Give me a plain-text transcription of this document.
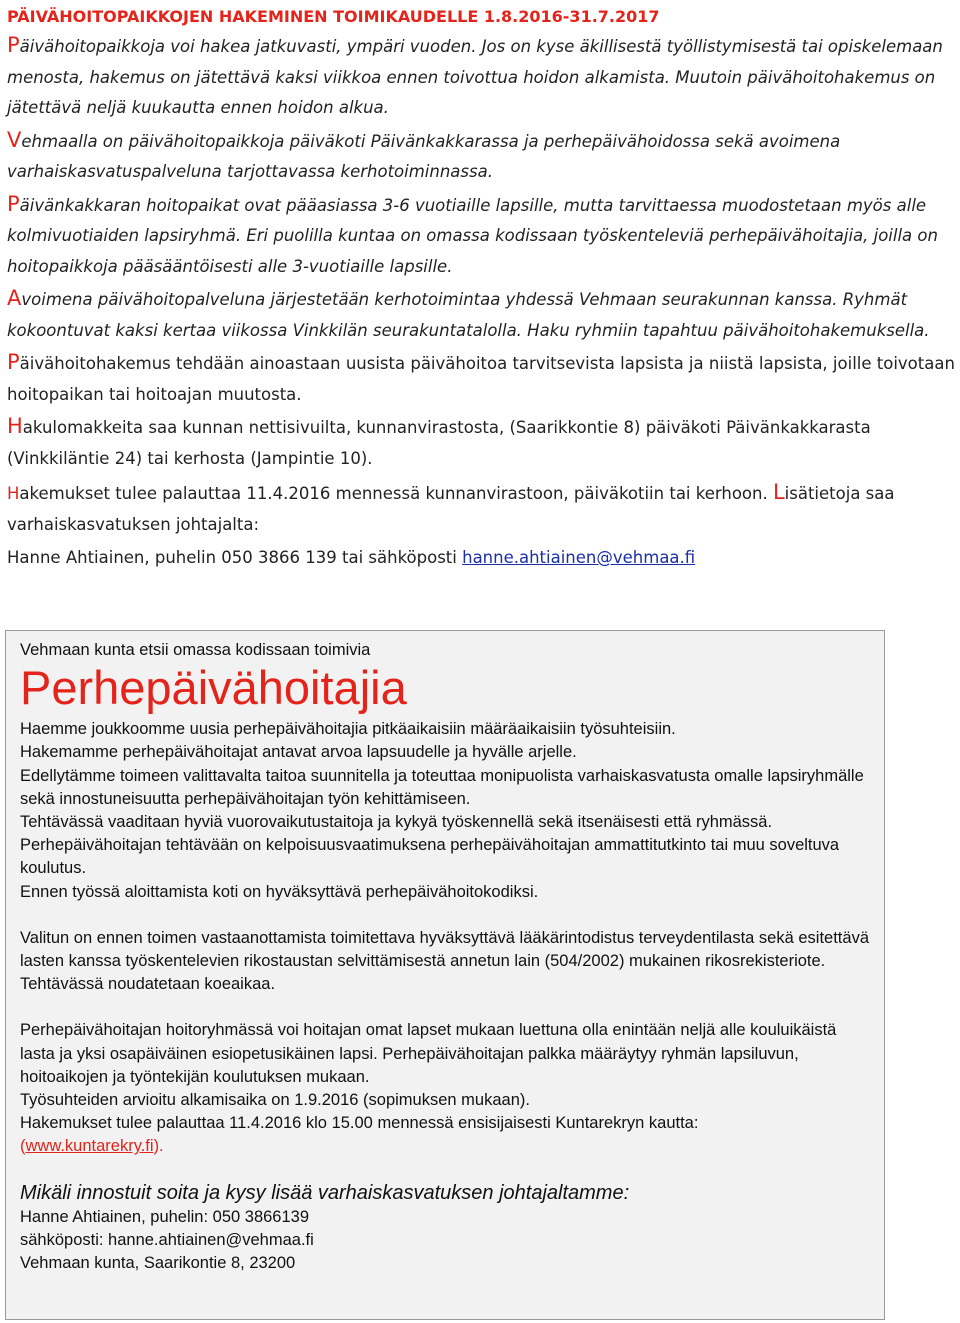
PÄIVÄHOITOPAIKKOJEN HAKEMINEN TOIMIKAUDELLE 1.8.2016-31.7.2017

Päivähoitopaikkoja voi hakea jatkuvasti, ympäri vuoden. Jos on kyse äkillisestä työllistymisestä tai opiskelemaan menosta, hakemus on jätettävä kaksi viikkoa ennen toivottua hoidon alkamista. Muutoin päivähoitohakemus on jätettävä neljä kuukautta ennen hoidon alkua.

Vehmaalla on päivähoitopaikkoja päiväkoti Päivänkakkarassa ja perhepäivähoidossa sekä avoimena varhaiskasvatuspalveluna tarjottavassa kerhotoiminnassa.

Päivänkakkaran hoitopaikat ovat pääasiassa 3-6 vuotiaille lapsille, mutta tarvittaessa muodostetaan myös alle kolmivuotiaiden lapsiryhmä. Eri puolilla kuntaa on omassa kodissaan työskenteleviä perhepäivähoitajia, joilla on hoitopaikkoja pääsääntöisesti alle 3-vuotiaille lapsille.

Avoimena päivähoitopalveluna järjestetään kerhotoimintaa yhdessä Vehmaan seurakunnan kanssa. Ryhmät kokoontuvat kaksi kertaa viikossa Vinkkilän seurakuntatalolla. Haku ryhmiin tapahtuu päivähoitohakemuksella.

Päivähoitohakemus tehdään ainoastaan uusista päivähoitoa tarvitsevista lapsista ja niistä lapsista, joille toivotaan hoitopaikan tai hoitoajan muutosta.

Hakulomakkeita saa kunnan nettisivuilta, kunnanvirastosta, (Saarikkontie 8) päiväkoti Päivänkakkarasta (Vinkkiläntie 24) tai kerhosta (Jampintie 10).

Hakemukset tulee palauttaa 11.4.2016 mennessä kunnanvirastoon, päiväkotiin tai kerhoon. Lisätietoja saa varhaiskasvatuksen johtajalta:

Hanne Ahtiainen, puhelin 050 3866 139 tai sähköposti hanne.ahtiainen@vehmaa.fi

Vehmaan kunta etsii omassa kodissaan toimivia

Perhepäivähoitajia

Haemme joukkoomme uusia perhepäivähoitajia pitkäaikaisiin määräaikaisiin työsuhteisiin.

Hakemamme perhepäivähoitajat antavat arvoa lapsuudelle ja hyvälle arjelle.

Edellytämme toimeen valittavalta taitoa suunnitella ja toteuttaa monipuolista varhaiskasvatusta omalle lapsiryhmälle sekä innostuneisuutta perhepäivähoitajan työn kehittämiseen.

Tehtävässä vaaditaan hyviä vuorovaikutustaitoja ja kykyä työskennellä sekä itsenäisesti että ryhmässä. Perhepäivähoitajan tehtävään on kelpoisuusvaatimuksena perhepäivähoitajan ammattitutkinto tai muu soveltuva koulutus.

Ennen työssä aloittamista koti on hyväksyttävä perhepäivähoitokodiksi.

Valitun on ennen toimen vastaanottamista toimitettava hyväksyttävä lääkärintodistus terveydentilasta sekä esitettävä lasten kanssa työskentelevien rikostaustan selvittämisestä annetun lain (504/2002) mukainen rikosrekisteriote. Tehtävässä noudatetaan koeaikaa.

Perhepäivähoitajan hoitoryhmässä voi hoitajan omat lapset mukaan luettuna olla enintään neljä alle kouluikäistä lasta ja yksi osapäiväinen esiopetusikäinen lapsi. Perhepäivähoitajan palkka määräytyy ryhmän lapsiluvun, hoitoaikojen ja työntekijän koulutuksen mukaan.

Työsuhteiden arvioitu alkamisaika on 1.9.2016 (sopimuksen mukaan).

Hakemukset tulee palauttaa 11.4.2016 klo 15.00 mennessä ensisijaisesti Kuntarekryn kautta:

(www.kuntarekry.fi).

Mikäli innostuit soita ja kysy lisää varhaiskasvatuksen johtajaltamme:

Hanne Ahtiainen, puhelin: 050 3866139

sähköposti: hanne.ahtiainen@vehmaa.fi

Vehmaan kunta, Saarikontie 8, 23200
